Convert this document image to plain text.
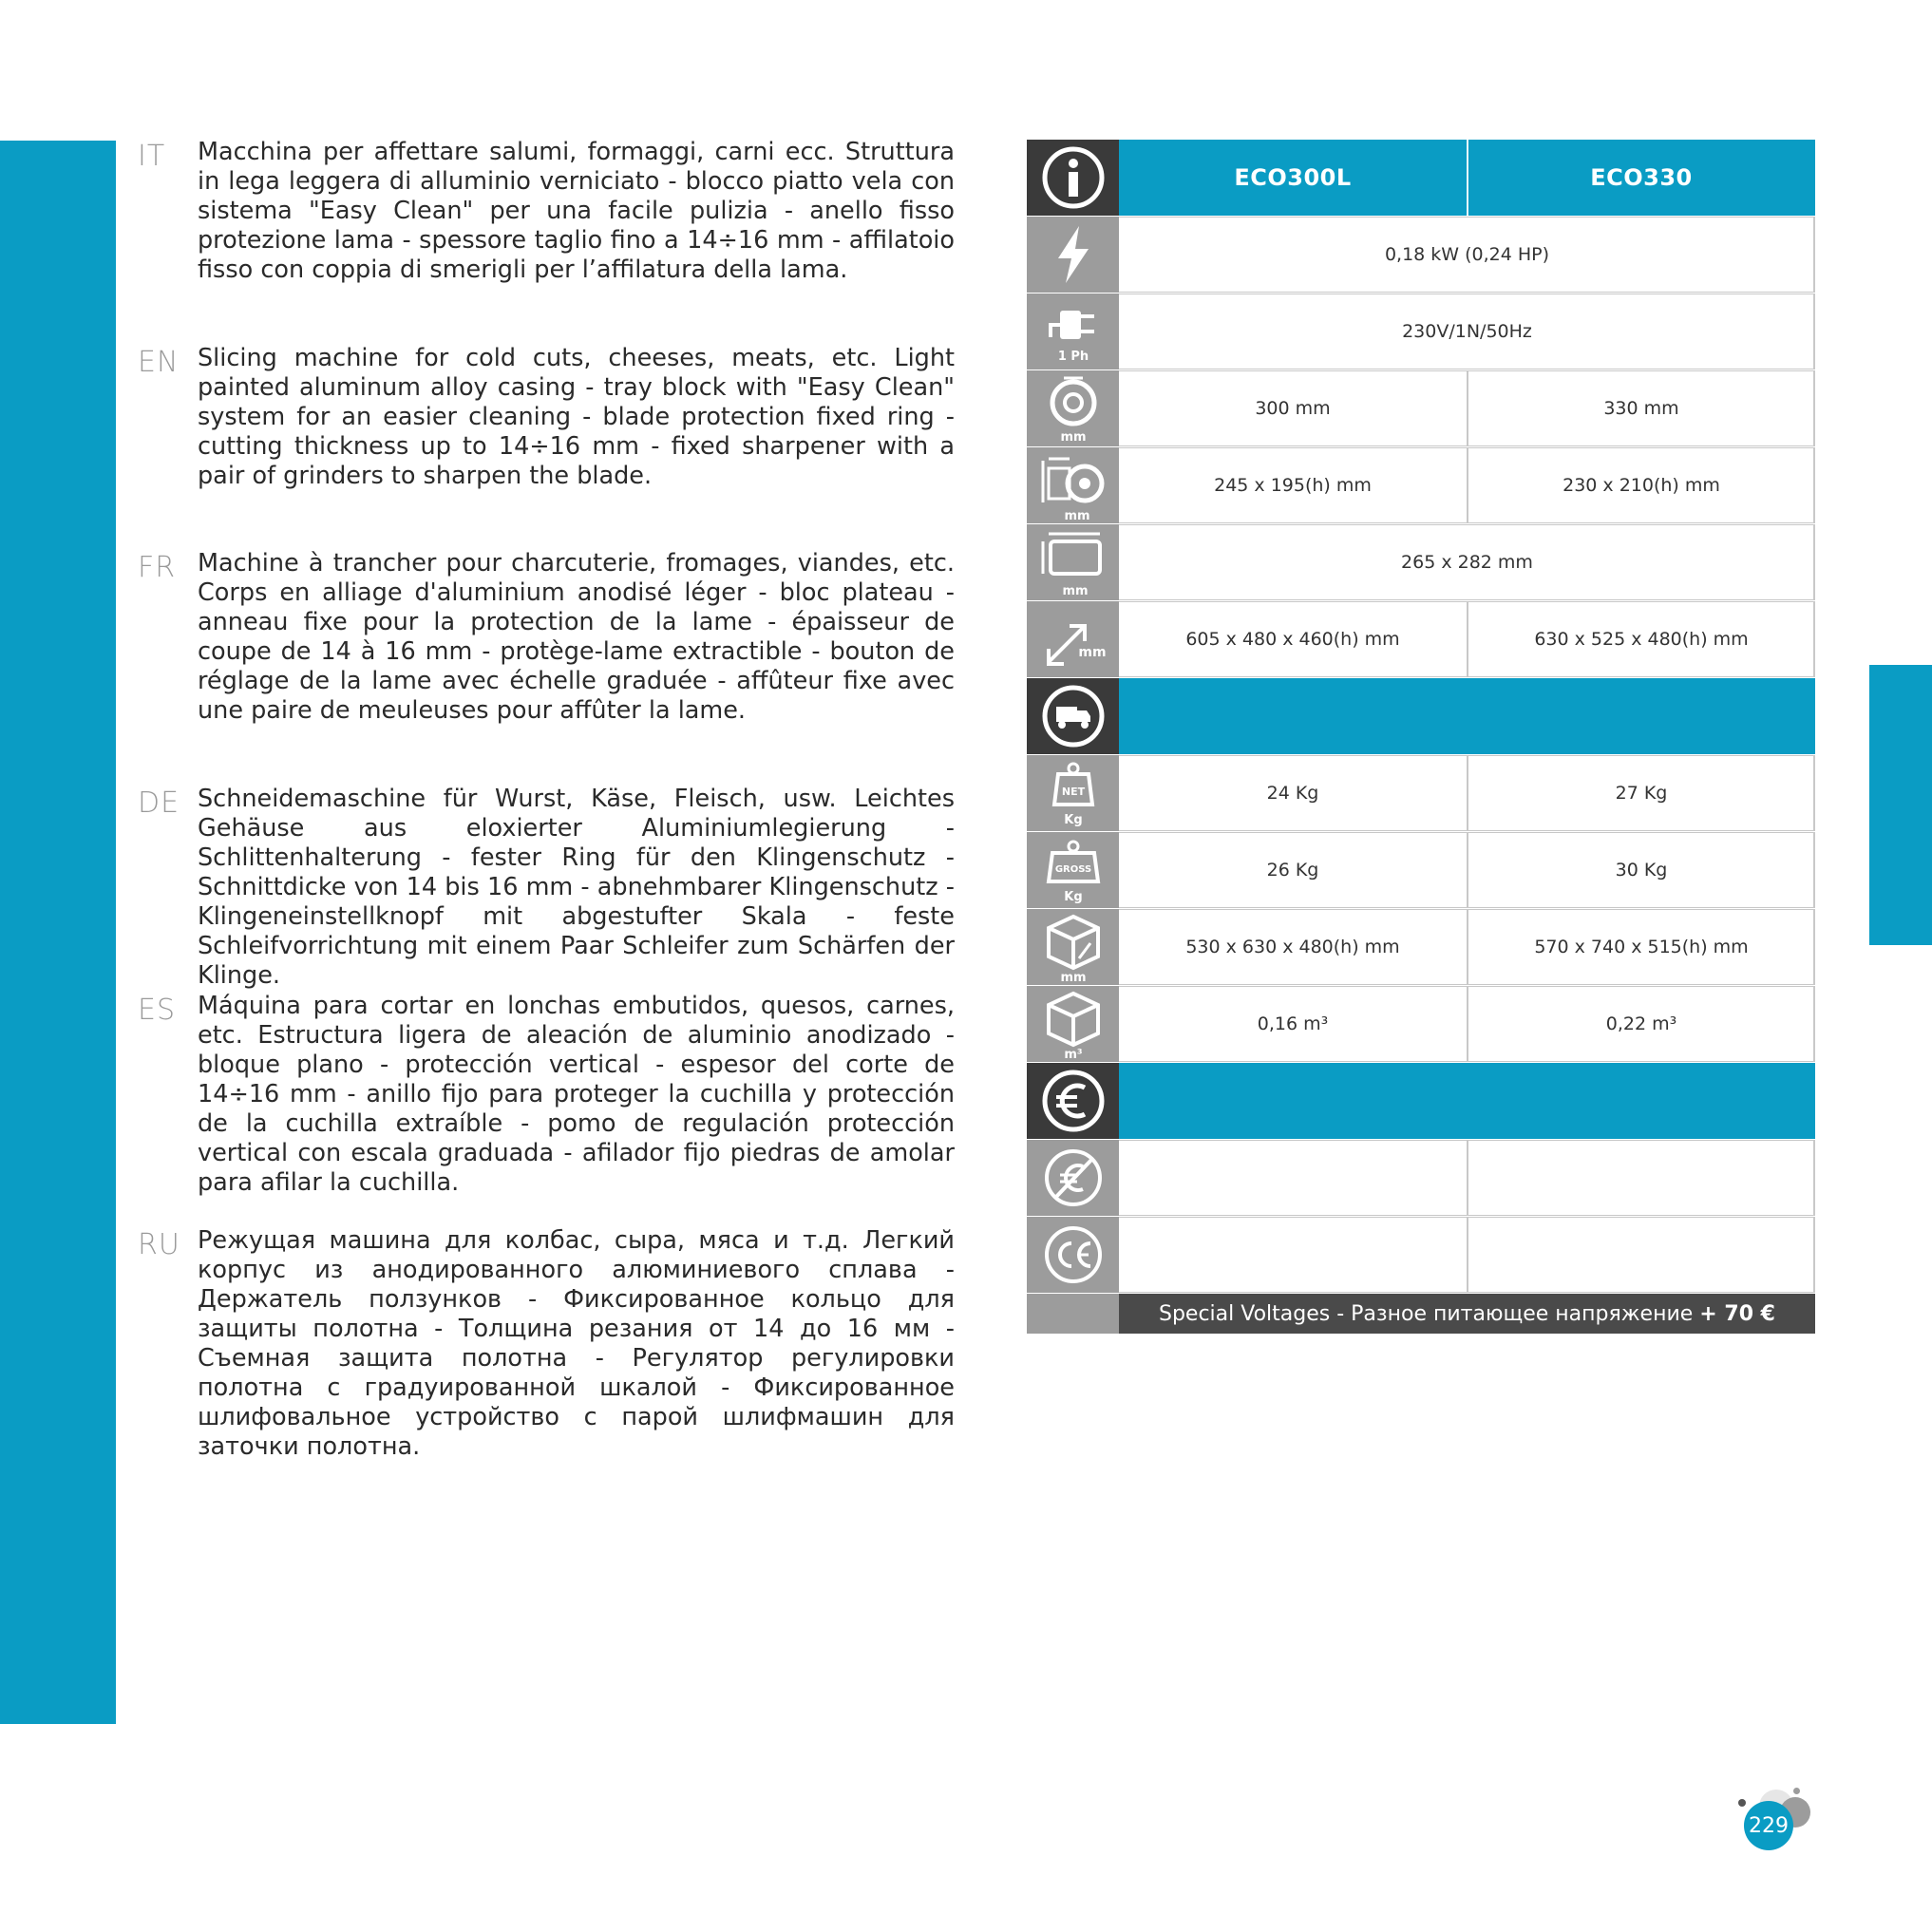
IT Macchina per affettare salumi, formaggi, carni ecc. Struttura in lega leggera di alluminio verniciato - blocco piatto vela con sistema "Easy Clean" per una facile pulizia - anello fisso protezione lama - spessore taglio fino a 14÷16 mm - affilatoio fisso con coppia di smerigli per l’affilatura della lama.

EN Slicing machine for cold cuts, cheeses, meats, etc. Light painted aluminum alloy casing - tray block with "Easy Clean" system for an easier cleaning - blade protection fixed ring - cutting thickness up to 14÷16 mm - fixed sharpener with a pair of grinders to sharpen the blade.

FR Machine à trancher pour charcuterie, fromages, viandes, etc. Corps en alliage d'aluminium anodisé léger - bloc plateau - anneau fixe pour la protection de la lame - épaisseur de coupe de 14 à 16 mm - protège-lame extractible - bouton de réglage de la lame avec échelle graduée - affûteur fixe avec une paire de meuleuses pour affûter la lame.

DE Schneidemaschine für Wurst, Käse, Fleisch, usw. Leichtes Gehäuse aus eloxierter Aluminiumlegierung - Schlittenhalterung - fester Ring für den Klingenschutz - Schnittdicke von 14 bis 16 mm - abnehmbarer Klingenschutz - Klingeneinstellknopf mit abgestufter Skala - feste Schleifvorrichtung mit einem Paar Schleifer zum Schärfen der Klinge.

ES Máquina para cortar en lonchas embutidos, quesos, carnes, etc. Estructura ligera de aleación de aluminio anodizado -bloque plano - protección vertical - espesor del corte de 14÷16 mm - anillo fijo para proteger la cuchilla y protección de la cuchilla extraíble - pomo de regulación protección vertical con escala graduada - afilador fijo piedras de amolar para afilar la cuchilla.

RU Режущая машина для колбас, сыра, мяса и т.д. Легкий корпус из анодированного алюминиевого сплава - Держатель ползунков - Фиксированное кольцо для защиты полотна - Толщина резания от 14 до 16 мм - Съемная защита полотна - Регулятор регулировки полотна с градуированной шкалой - Фиксированное шлифовальное устройство с парой шлифмашин для заточки полотна.

ECO300L	ECO330
0,18 kW (0,24 HP)
1 Ph
230V/1N/50Hz
mm
300 mm	330 mm
mm
245 x 195(h) mm	230 x 210(h) mm
mm
265 x 282 mm
mm
605 x 480 x 460(h) mm	630 x 525 x 480(h) mm
NET
Kg
24 Kg	27 Kg
GROSS
Kg
26 Kg	30 Kg
mm
530 x 630 x 480(h) mm	570 x 740 x 515(h) mm
m³
0,16 m³	0,22 m³
Special Voltages - Разное питающее напряжение + 70 €
229
